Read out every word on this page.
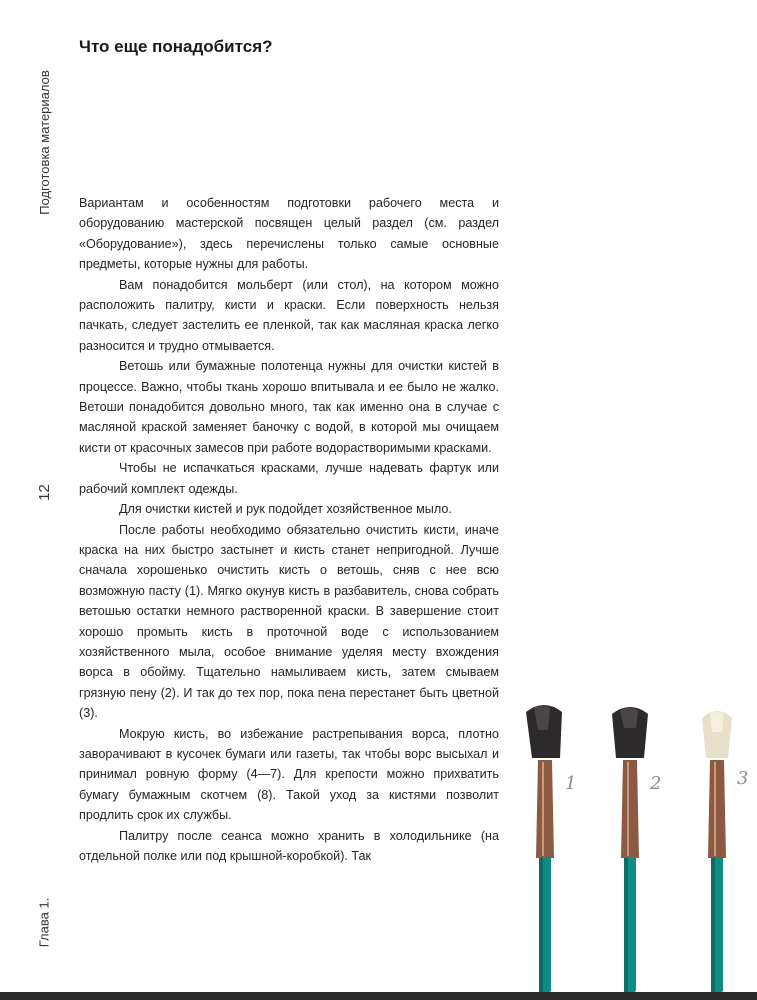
Подготовка материалов
12
Глава 1.
Что еще понадобится?

Вариантам и особенностям подготовки рабочего места и оборудованию мастерской посвящен целый раздел (см. раздел «Оборудование»), здесь перечислены только самые основные предметы, которые нужны для работы.

Вам понадобится мольберт (или стол), на котором можно расположить палитру, кисти и краски. Если поверхность нельзя пачкать, следует застелить ее пленкой, так как масляная краска легко разносится и трудно отмывается.

Ветошь или бумажные полотенца нужны для очистки кистей в процессе. Важно, чтобы ткань хорошо впитывала и ее было не жалко. Ветоши понадобится довольно много, так как именно она в случае с масляной краской заменяет баночку с водой, в которой мы очищаем кисти от красочных замесов при работе водорастворимыми красками.

Чтобы не испачкаться красками, лучше надевать фартук или рабочий комплект одежды.

Для очистки кистей и рук подойдет хозяйственное мыло.

После работы необходимо обязательно очистить кисти, иначе краска на них быстро застынет и кисть станет непригодной. Лучше сначала хорошенько очистить кисть о ветошь, сняв с нее всю возможную пасту (1). Мягко окунув кисть в разбавитель, снова собрать ветошью остатки немного растворенной краски. В завершение стоит хорошо промыть кисть в проточной воде с использованием хозяйственного мыла, особое внимание уделяя месту вхождения ворса в обойму. Тщательно намыливаем кисть, затем смываем грязную пену (2). И так до тех пор, пока пена перестанет быть цветной (3).

Мокрую кисть, во избежание растрепывания ворса, плотно заворачивают в кусочек бумаги или газеты, так чтобы ворс высыхал и принимал ровную форму (4—7). Для крепости можно прихватить бумагу бумажным скотчем (8). Такой уход за кистями позволит продлить срок их службы.

Палитру после сеанса можно хранить в холодильнике (на отдельной полке или под крышной-коробкой). Так

1	2	3
